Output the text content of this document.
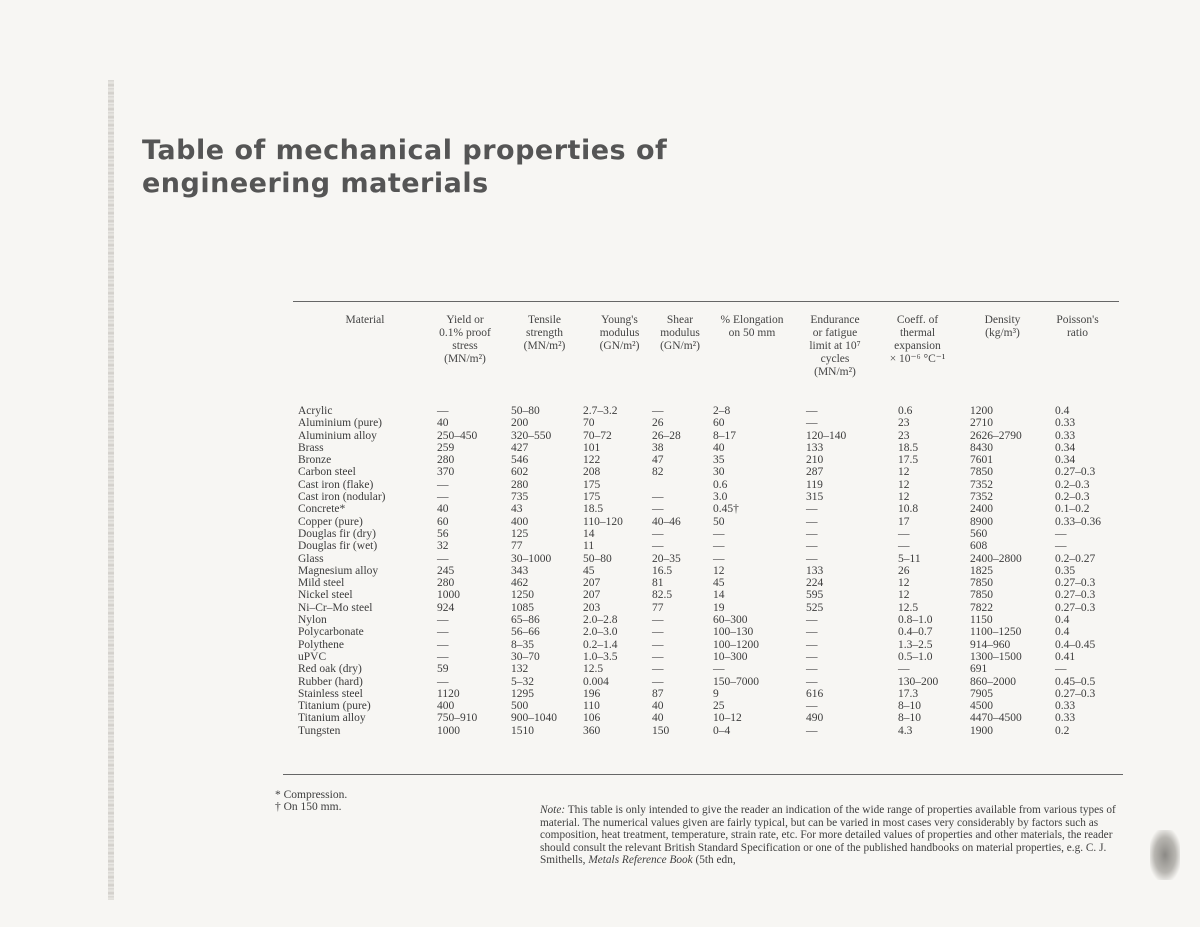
Table of mechanical properties of
engineering materials
Material	Yield or
0.1% proof
stress
(MN/m²)
Tensile
strength
(MN/m²)
Young's
modulus
(GN/m²)
Shear
modulus
(GN/m²)
% Elongation
on 50 mm
Endurance
or fatigue
limit at 10⁷
cycles
(MN/m²)
Coeff. of
thermal
expansion
× 10⁻⁶ °C⁻¹
Density
(kg/m³)
Poisson's
ratio
Acrylic
Aluminium (pure)
Aluminium alloy
Brass
Bronze
Carbon steel
Cast iron (flake)
Cast iron (nodular)
Concrete*
Copper (pure)
Douglas fir (dry)
Douglas fir (wet)
Glass
Magnesium alloy
Mild steel
Nickel steel
Ni–Cr–Mo steel
Nylon
Polycarbonate
Polythene
uPVC
Red oak (dry)
Rubber (hard)
Stainless steel
Titanium (pure)
Titanium alloy
Tungsten
—
40
250–450
259
280
370
—
—
40
60
56
32
—
245
280
1000
924
—
—
—
—
59
—
1120
400
750–910
1000
50–80
200
320–550
427
546
602
280
735
43
400
125
77
30–1000
343
462
1250
1085
65–86
56–66
8–35
30–70
132
5–32
1295
500
900–1040
1510
2.7–3.2
70
70–72
101
122
208
175
175
18.5
110–120
14
11
50–80
45
207
207
203
2.0–2.8
2.0–3.0
0.2–1.4
1.0–3.5
12.5
0.004
196
110
106
360
—
26
26–28
38
47
82
—
—
40–46
—
—
20–35
16.5
81
82.5
77
—
—
—
—
—
—
87
40
40
150
2–8
60
8–17
40
35
30
0.6
3.0
0.45†
50
—
—
—
12
45
14
19
60–300
100–130
100–1200
10–300
—
150–7000
9
25
10–12
0–4
—
—
120–140
133
210
287
119
315
—
—
—
—
—
133
224
595
525
—
—
—
—
—
—
616
—
490
—
0.6
23
23
18.5
17.5
12
12
12
10.8
17
—
—
5–11
26
12
12
12.5
0.8–1.0
0.4–0.7
1.3–2.5
0.5–1.0
—
130–200
17.3
8–10
8–10
4.3
1200
2710
2626–2790
8430
7601
7850
7352
7352
2400
8900
560
608
2400–2800
1825
7850
7850
7822
1150
1100–1250
914–960
1300–1500
691
860–2000
7905
4500
4470–4500
1900
0.4
0.33
0.33
0.34
0.34
0.27–0.3
0.2–0.3
0.2–0.3
0.1–0.2
0.33–0.36
—
—
0.2–0.27
0.35
0.27–0.3
0.27–0.3
0.27–0.3
0.4
0.4
0.4–0.45
0.41
—
0.45–0.5
0.27–0.3
0.33
0.33
0.2
* Compression.
† On 150 mm.	Note: This table is only intended to give the reader an indication of the wide range of properties available from various types of material. The numerical values given are fairly typical, but can be varied in most cases very considerably by factors such as composition, heat treatment, temperature, strain rate, etc. For more detailed values of properties and other materials, the reader should consult the relevant British Standard Specification or one of the published handbooks on material properties, e.g. C. J. Smithells, Metals Reference Book (5th edn,
